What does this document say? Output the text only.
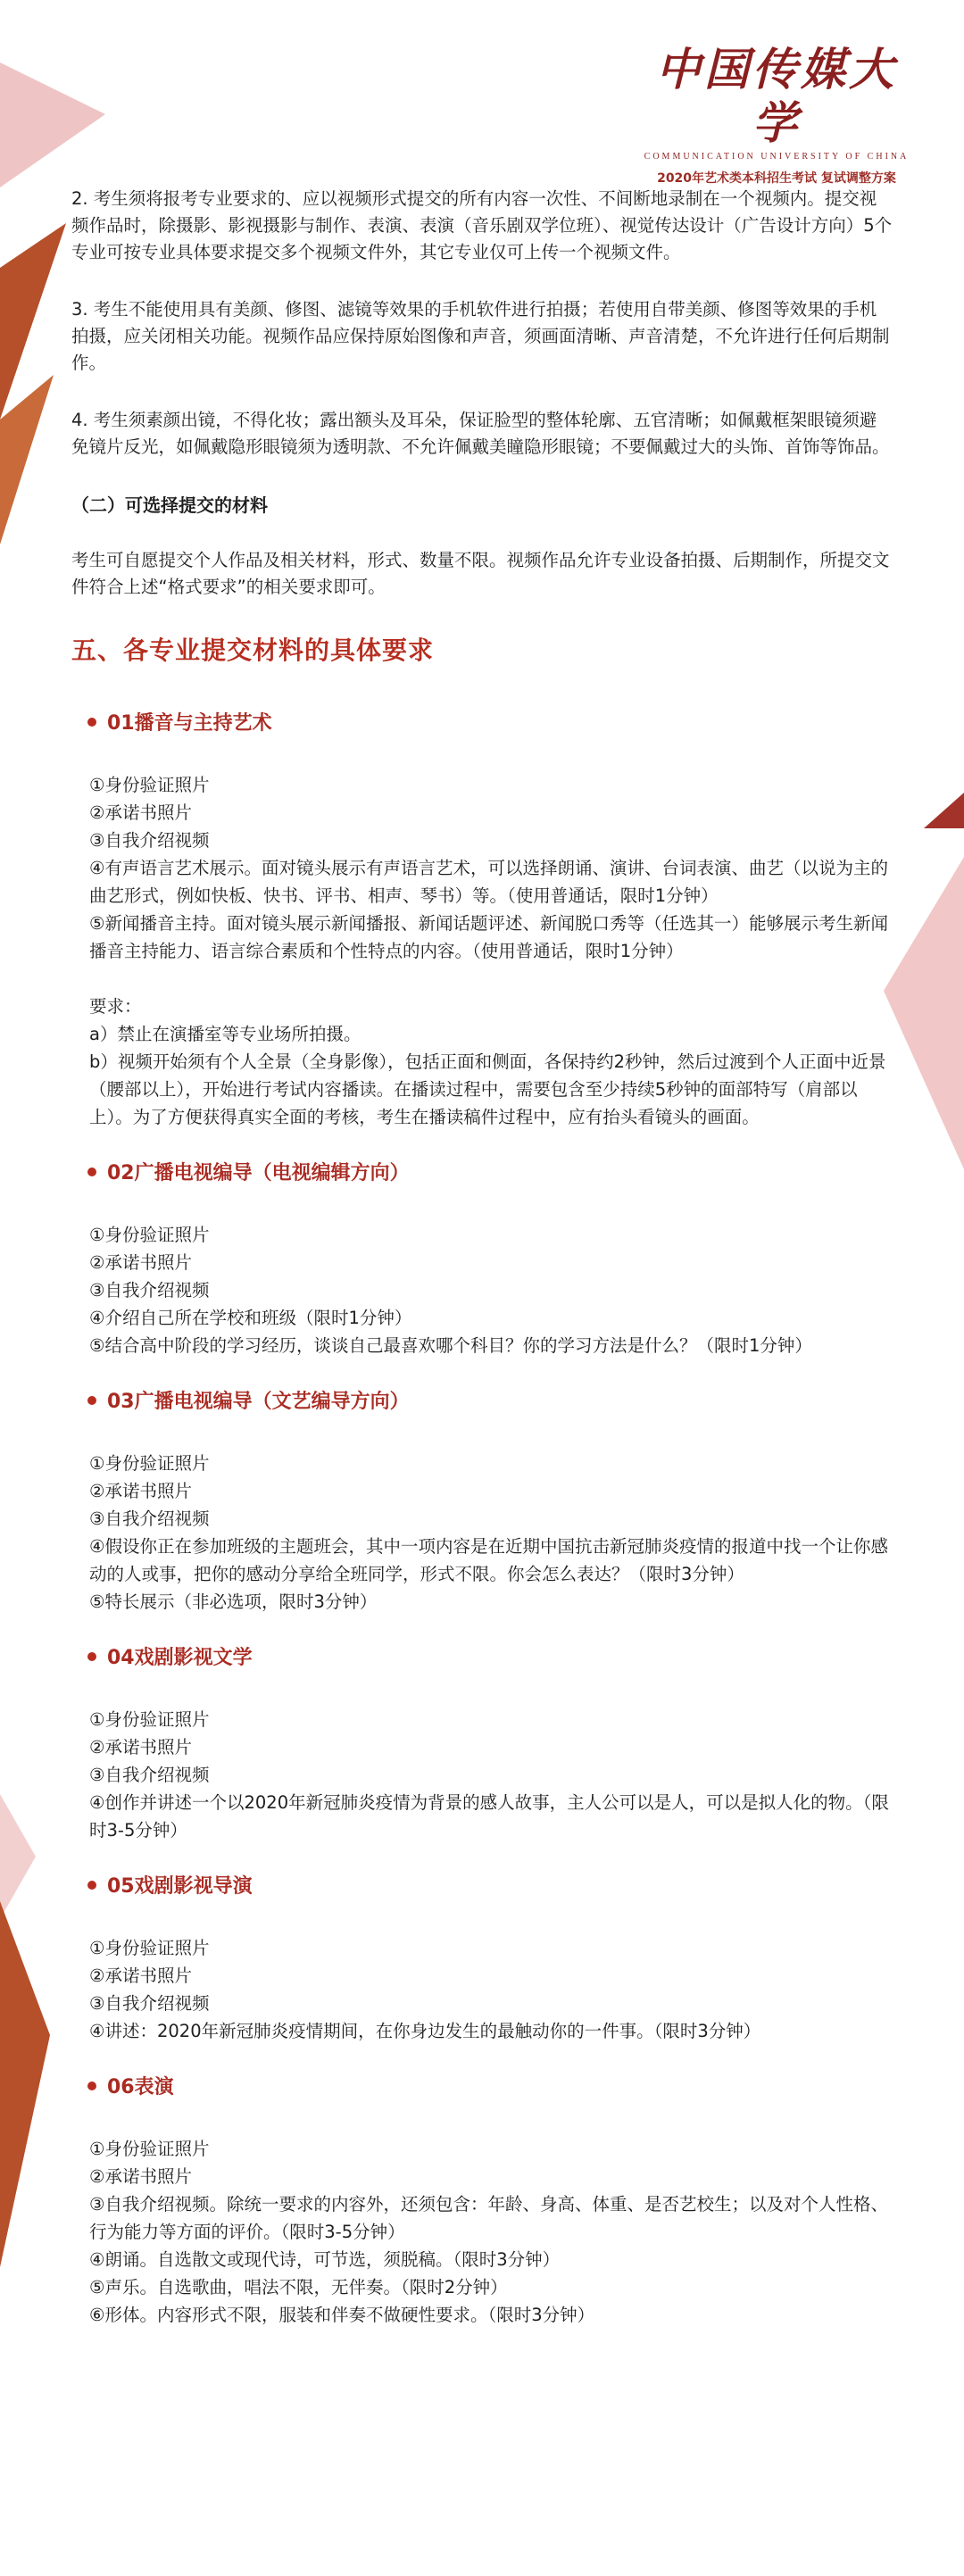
中国传媒大学
COMMUNICATION UNIVERSITY OF CHINA
2020年艺术类本科招生考试 复试调整方案

2. 考生须将报考专业要求的、应以视频形式提交的所有内容一次性、不间断地录制在一个视频内。提交视频作品时，除摄影、影视摄影与制作、表演、表演（音乐剧双学位班）、视觉传达设计（广告设计方向）5个专业可按专业具体要求提交多个视频文件外，其它专业仅可上传一个视频文件。

3. 考生不能使用具有美颜、修图、滤镜等效果的手机软件进行拍摄；若使用自带美颜、修图等效果的手机拍摄，应关闭相关功能。视频作品应保持原始图像和声音，须画面清晰、声音清楚，不允许进行任何后期制作。

4. 考生须素颜出镜，不得化妆；露出额头及耳朵，保证脸型的整体轮廓、五官清晰；如佩戴框架眼镜须避免镜片反光，如佩戴隐形眼镜须为透明款、不允许佩戴美瞳隐形眼镜；不要佩戴过大的头饰、首饰等饰品。

（二）可选择提交的材料

考生可自愿提交个人作品及相关材料，形式、数量不限。视频作品允许专业设备拍摄、后期制作，所提交文件符合上述“格式要求”的相关要求即可。

五、各专业提交材料的具体要求
01播音与主持艺术

①身份验证照片

②承诺书照片

③自我介绍视频

④有声语言艺术展示。面对镜头展示有声语言艺术，可以选择朗诵、演讲、台词表演、曲艺（以说为主的曲艺形式，例如快板、快书、评书、相声、琴书）等。（使用普通话，限时1分钟）

⑤新闻播音主持。面对镜头展示新闻播报、新闻话题评述、新闻脱口秀等（任选其一）能够展示考生新闻播音主持能力、语言综合素质和个性特点的内容。（使用普通话，限时1分钟）

要求：

a）禁止在演播室等专业场所拍摄。

b）视频开始须有个人全景（全身影像），包括正面和侧面，各保持约2秒钟，然后过渡到个人正面中近景（腰部以上），开始进行考试内容播读。在播读过程中，需要包含至少持续5秒钟的面部特写（肩部以上）。为了方便获得真实全面的考核，考生在播读稿件过程中，应有抬头看镜头的画面。

02广播电视编导（电视编辑方向）

①身份验证照片

②承诺书照片

③自我介绍视频

④介绍自己所在学校和班级（限时1分钟）

⑤结合高中阶段的学习经历，谈谈自己最喜欢哪个科目？你的学习方法是什么？（限时1分钟）

03广播电视编导（文艺编导方向）

①身份验证照片

②承诺书照片

③自我介绍视频

④假设你正在参加班级的主题班会，其中一项内容是在近期中国抗击新冠肺炎疫情的报道中找一个让你感动的人或事，把你的感动分享给全班同学，形式不限。你会怎么表达？（限时3分钟）

⑤特长展示（非必选项，限时3分钟）

04戏剧影视文学

①身份验证照片

②承诺书照片

③自我介绍视频

④创作并讲述一个以2020年新冠肺炎疫情为背景的感人故事，主人公可以是人，可以是拟人化的物。（限时3-5分钟）

05戏剧影视导演

①身份验证照片

②承诺书照片

③自我介绍视频

④讲述：2020年新冠肺炎疫情期间，在你身边发生的最触动你的一件事。（限时3分钟）

06表演

①身份验证照片

②承诺书照片

③自我介绍视频。除统一要求的内容外，还须包含：年龄、身高、体重、是否艺校生；以及对个人性格、行为能力等方面的评价。（限时3-5分钟）

④朗诵。自选散文或现代诗，可节选，须脱稿。（限时3分钟）

⑤声乐。自选歌曲，唱法不限，无伴奏。（限时2分钟）

⑥形体。内容形式不限，服装和伴奏不做硬性要求。（限时3分钟）
